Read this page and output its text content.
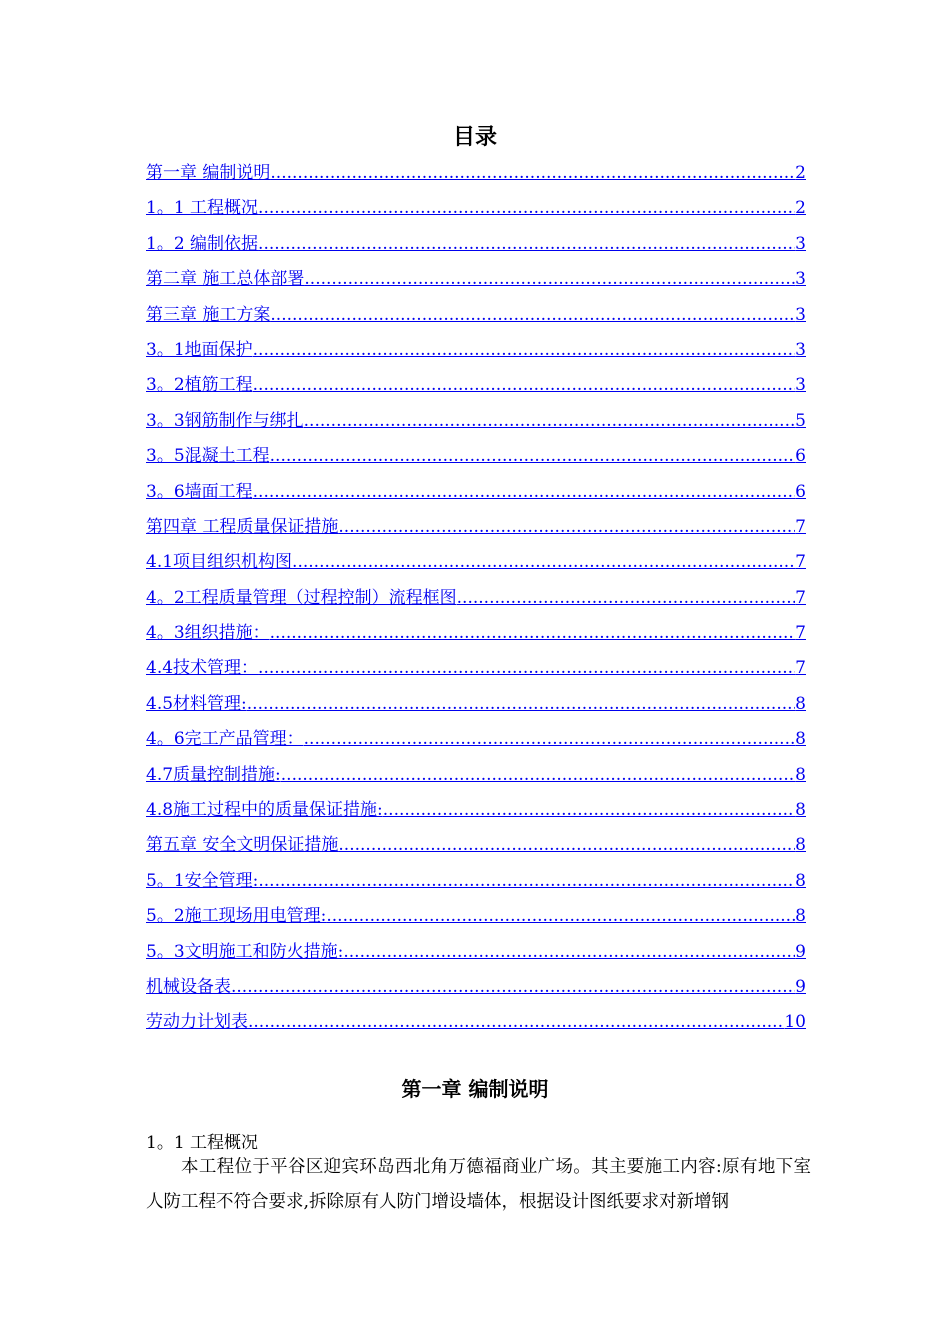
目录
第一章 编制说明 .....	2
1。1 工程概况 .....	2
1。2 编制依据 .....	3
第二章 施工总体部署 .....	3
第三章 施工方案 .....	3
3。1地面保护 .....	3
3。2植筋工程 .....	3
3。3钢筋制作与绑扎 .....	5
3。5混凝土工程 .....	6
3。6墙面工程 .....	6
第四章 工程质量保证措施 .....	7
4.1项目组织机构图 .....	7
4。2工程质量管理（过程控制）流程框图 .....	7
4。3组织措施： .....	7
4.4技术管理： .....	7
4.5材料管理: .....	8
4。6完工产品管理： .....	8
4.7质量控制措施: .....	8
4.8施工过程中的质量保证措施: .....	8
第五章 安全文明保证措施 .....	8
5。1安全管理: .....	8
5。2施工现场用电管理: .....	8
5。3文明施工和防火措施: .....	9
机械设备表 .....	9
劳动力计划表 .....	10
第一章 编制说明
1。1 工程概况

本工程位于平谷区迎宾环岛西北角万德福商业广场。其主要施工内容:原有地下室人防工程不符合要求,拆除原有人防门增设墙体，根据设计图纸要求对新增钢
